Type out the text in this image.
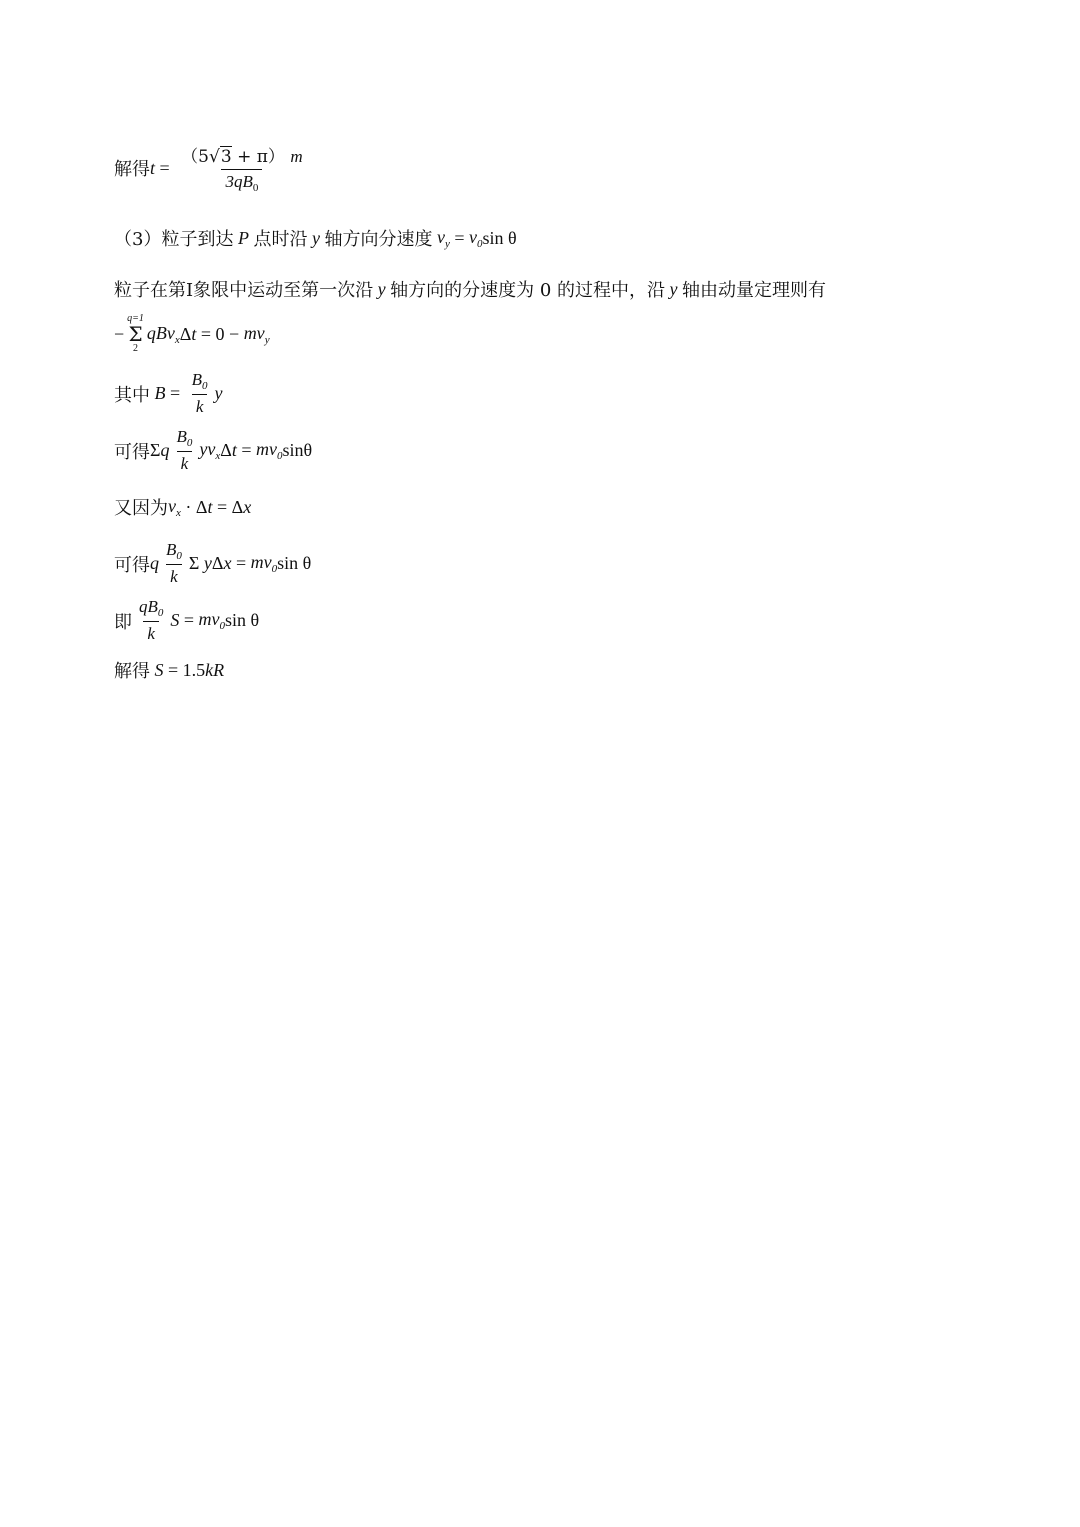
解得 $t = \frac{(5√3 + \pi) m}{3qB_0}$
（3）粒子到达 P 点时沿 y 轴方向分速度 $v_y = v_0$ sin θ
粒子在第I象限中运动至第一次沿 y 轴方向的分速度为 0 的过程中，沿 y 轴由动量定理则有
−
q=1
Σ
2
qBv$_x$ Δ $t = 0 - mv_y$
其中 $B = \frac{B_0}{k}$ y
可得 Σ q $\frac{B_0}{k} yv_x$ Δ $t = mv_0$ sinθ
又因为 $v_x \cdot \Delta$ t = Δ x
可得 q $\frac{B_0}{k}$ Σ y Δ $x = mv_0$ sin θ
即 $\frac{qB_0}{k}$ $S = mv_0$ sin θ
解得 S = 1.5 kR
